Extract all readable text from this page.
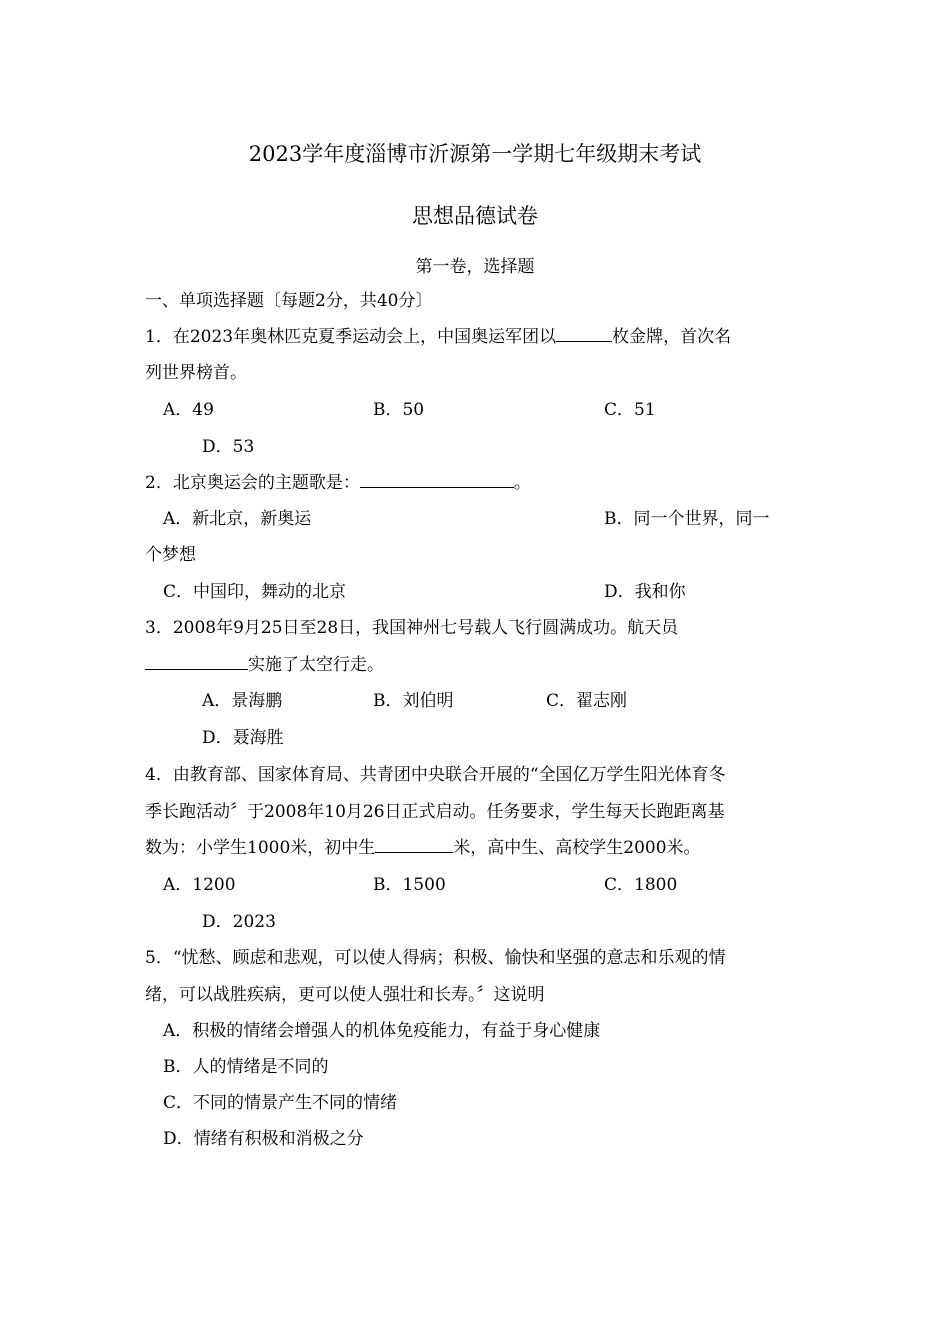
2023学年度淄博市沂源第一学期七年级期末考试
思想品德试卷
第一卷，选择题
一、单项选择题〔每题2分，共40分〕
1．在2023年奥林匹克夏季运动会上，中国奥运军团以	枚金牌，首次名
列世界榜首。
A．49	B．50	C．51
D．53
2．北京奥运会的主题歌是：	。
A．新北京，新奥运	B．同一个世界，同一
个梦想
C．中国印，舞动的北京	D．我和你
3．2008年9月25日至28日，我国神州七号载人飞行圆满成功。航天员
实施了太空行走。
A．景海鹏	B．刘伯明	C．翟志刚
D．聂海胜
4．由教育部、国家体育局、共青团中央联合开展的“全国亿万学生阳光体育冬
季长跑活动〞于2008年10月26日正式启动。任务要求，学生每天长跑距离基
数为：小学生1000米，初中生	米，高中生、高校学生2000米。
A．1200	B．1500	C．1800
D．2023
5．“忧愁、顾虑和悲观，可以使人得病；积极、愉快和坚强的意志和乐观的情
绪，可以战胜疾病，更可以使人强壮和长寿。〞这说明
A．积极的情绪会增强人的机体免疫能力，有益于身心健康
B．人的情绪是不同的
C．不同的情景产生不同的情绪
D．情绪有积极和消极之分
